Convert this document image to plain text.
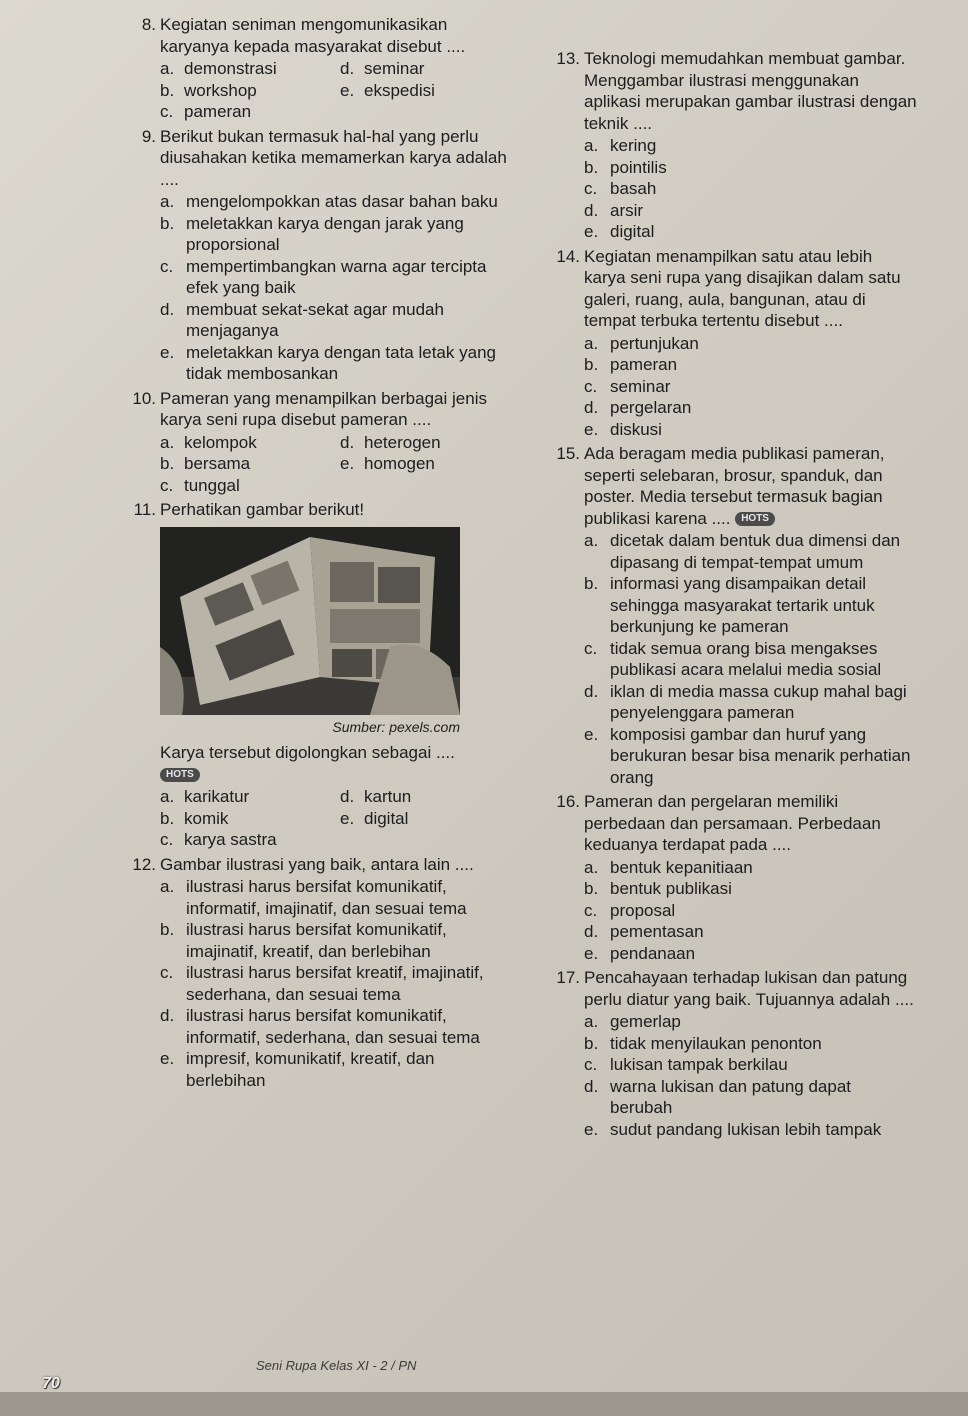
8. Kegiatan seniman mengomunikasikan karyanya kepada masyarakat disebut ....
a. demonstrasi	d. seminar
b. workshop	e. ekspedisi
c. pameran
9. Berikut bukan termasuk hal-hal yang perlu diusahakan ketika memamerkan karya adalah ....
a. mengelompokkan atas dasar bahan baku
b. meletakkan karya dengan jarak yang proporsional
c. mempertimbangkan warna agar tercipta efek yang baik
d. membuat sekat-sekat agar mudah menjaganya
e. meletakkan karya dengan tata letak yang tidak membosankan
10. Pameran yang menampilkan berbagai jenis karya seni rupa disebut pameran ....
a. kelompok	d. heterogen
b. bersama	e. homogen
c. tunggal
11. Perhatikan gambar berikut!
Sumber: pexels.com
Karya tersebut digolongkan sebagai ....
HOTS
a. karikatur	d. kartun
b. komik	e. digital
c. karya sastra
12. Gambar ilustrasi yang baik, antara lain ....
a. ilustrasi harus bersifat komunikatif, informatif, imajinatif, dan sesuai tema
b. ilustrasi harus bersifat komunikatif, imajinatif, kreatif, dan berlebihan
c. ilustrasi harus bersifat kreatif, imajinatif, sederhana, dan sesuai tema
d. ilustrasi harus bersifat komunikatif, informatif, sederhana, dan sesuai tema
e. impresif, komunikatif, kreatif, dan berlebihan
13. Teknologi memudahkan membuat gambar. Menggambar ilustrasi menggunakan aplikasi merupakan gambar ilustrasi dengan teknik ....
a. kering
b. pointilis
c. basah
d. arsir
e. digital
14. Kegiatan menampilkan satu atau lebih karya seni rupa yang disajikan dalam satu galeri, ruang, aula, bangunan, atau di tempat terbuka tertentu disebut ....
a. pertunjukan
b. pameran
c. seminar
d. pergelaran
e. diskusi
15. Ada beragam media publikasi pameran, seperti selebaran, brosur, spanduk, dan poster. Media tersebut termasuk bagian publikasi karena .... HOTS
a. dicetak dalam bentuk dua dimensi dan dipasang di tempat-tempat umum
b. informasi yang disampaikan detail sehingga masyarakat tertarik untuk berkunjung ke pameran
c. tidak semua orang bisa mengakses publikasi acara melalui media sosial
d. iklan di media massa cukup mahal bagi penyelenggara pameran
e. komposisi gambar dan huruf yang berukuran besar bisa menarik perhatian orang
16. Pameran dan pergelaran memiliki perbedaan dan persamaan. Perbedaan keduanya terdapat pada ....
a. bentuk kepanitiaan
b. bentuk publikasi
c. proposal
d. pementasan
e. pendanaan
17. Pencahayaan terhadap lukisan dan patung perlu diatur yang baik. Tujuannya adalah ....
a. gemerlap
b. tidak menyilaukan penonton
c. lukisan tampak berkilau
d. warna lukisan dan patung dapat berubah
e. sudut pandang lukisan lebih tampak
Seni Rupa Kelas XI - 2 / PN
70
